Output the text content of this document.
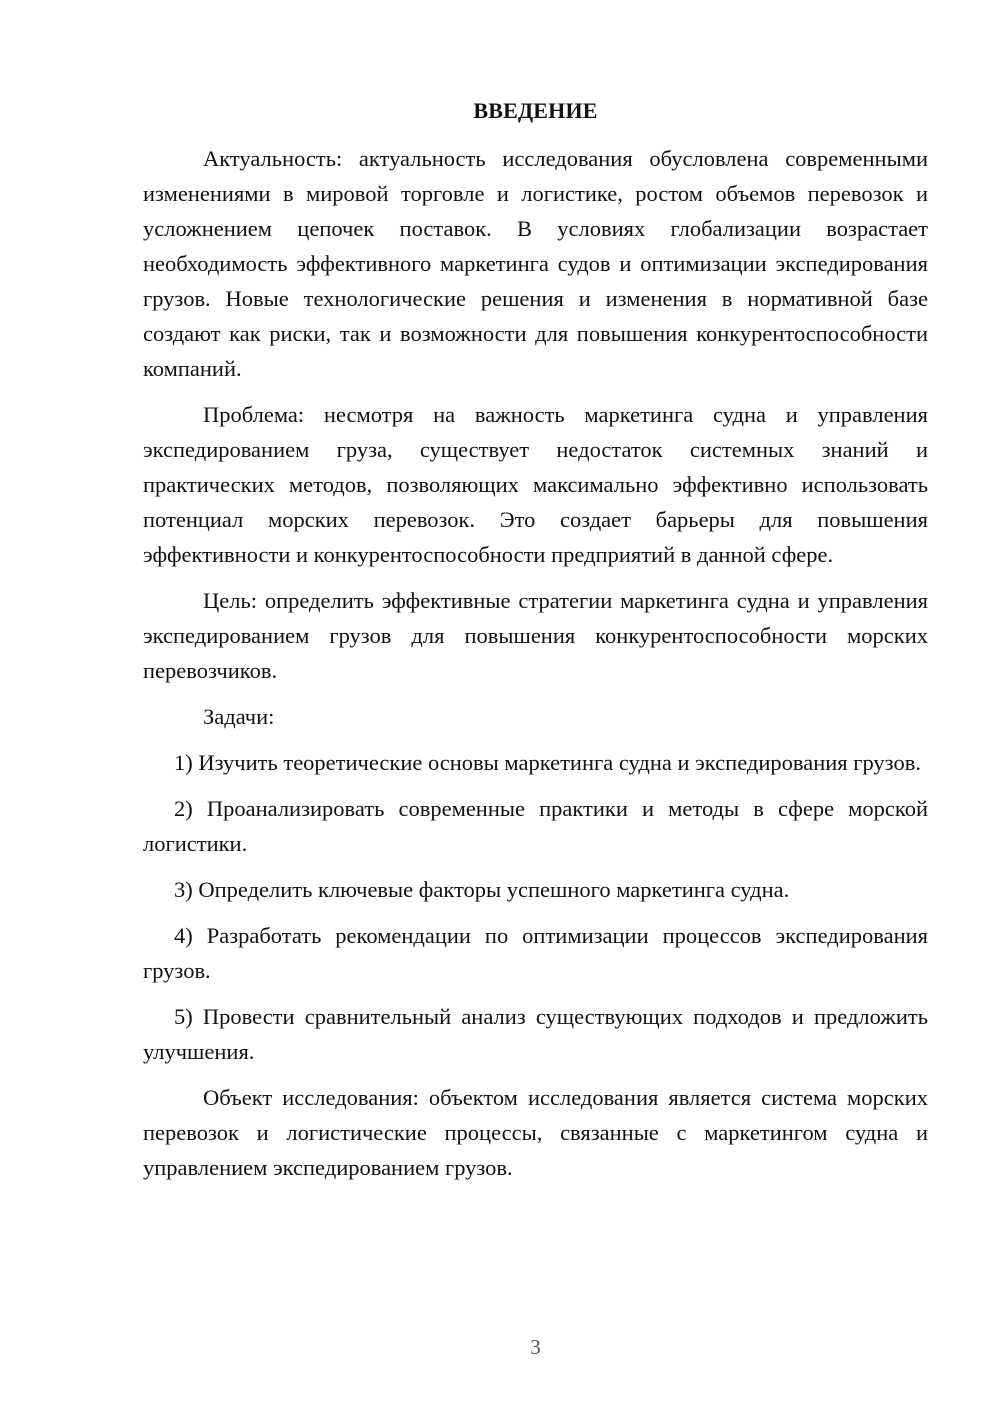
ВВЕДЕНИЕ

Актуальность: актуальность исследования обусловлена современными изменениями в мировой торговле и логистике, ростом объемов перевозок и усложнением цепочек поставок. В условиях глобализации возрастает необходимость эффективного маркетинга судов и оптимизации экспедирования грузов. Новые технологические решения и изменения в нормативной базе создают как риски, так и возможности для повышения конкурентоспособности компаний.

Проблема: несмотря на важность маркетинга судна и управления экспедированием груза, существует недостаток системных знаний и практических методов, позволяющих максимально эффективно использовать потенциал морских перевозок. Это создает барьеры для повышения эффективности и конкурентоспособности предприятий в данной сфере.

Цель: определить эффективные стратегии маркетинга судна и управления экспедированием грузов для повышения конкурентоспособности морских перевозчиков.

Задачи:

1) Изучить теоретические основы маркетинга судна и экспедирования грузов.

2) Проанализировать современные практики и методы в сфере морской логистики.

3) Определить ключевые факторы успешного маркетинга судна.

4) Разработать рекомендации по оптимизации процессов экспедирования грузов.

5) Провести сравнительный анализ существующих подходов и предложить улучшения.

Объект исследования: объектом исследования является система морских перевозок и логистические процессы, связанные с маркетингом судна и управлением экспедированием грузов.

3
